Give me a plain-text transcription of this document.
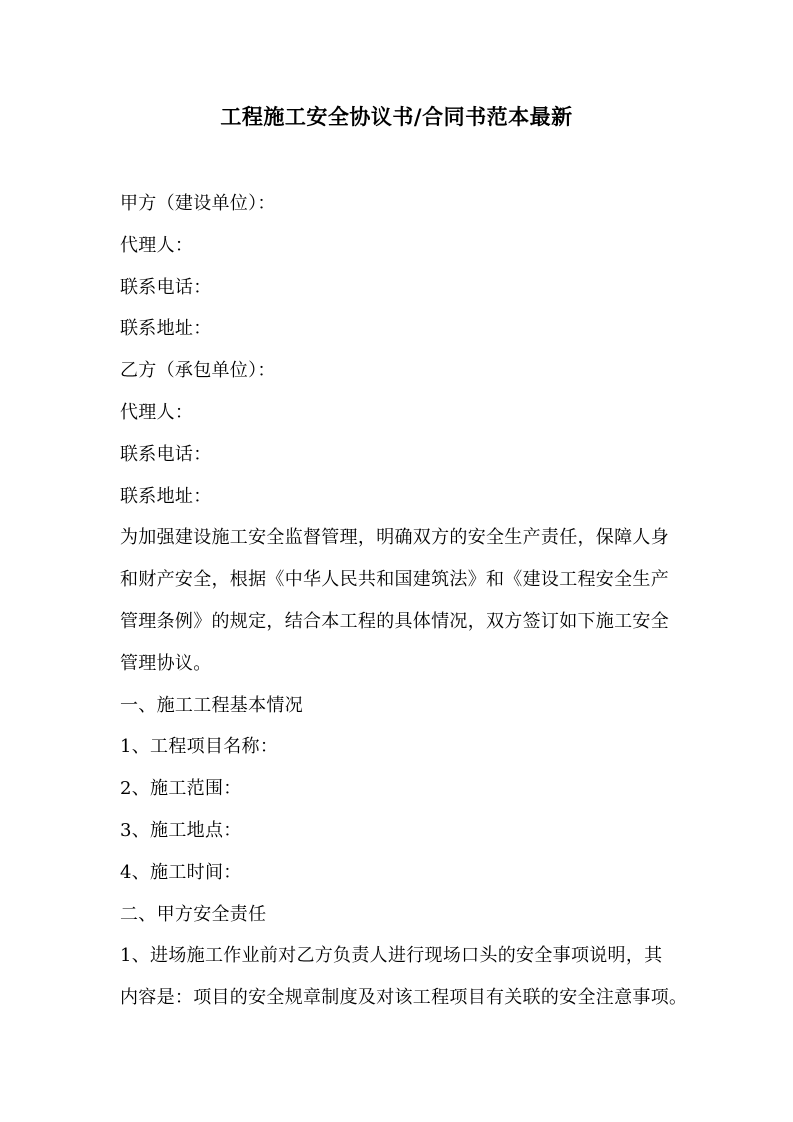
工程施工安全协议书/合同书范本最新
甲方（建设单位）：
代理人：
联系电话：
联系地址：
乙方（承包单位）：
代理人：
联系电话：
联系地址：
为加强建设施工安全监督管理，明确双方的安全生产责任，保障人身
和财产安全，根据《中华人民共和国建筑法》和《建设工程安全生产
管理条例》的规定，结合本工程的具体情况，双方签订如下施工安全
管理协议。
一、施工工程基本情况
1、工程项目名称：
2、施工范围：
3、施工地点：
4、施工时间：
二、甲方安全责任
1、进场施工作业前对乙方负责人进行现场口头的安全事项说明，其
内容是：项目的安全规章制度及对该工程项目有关联的安全注意事项。
